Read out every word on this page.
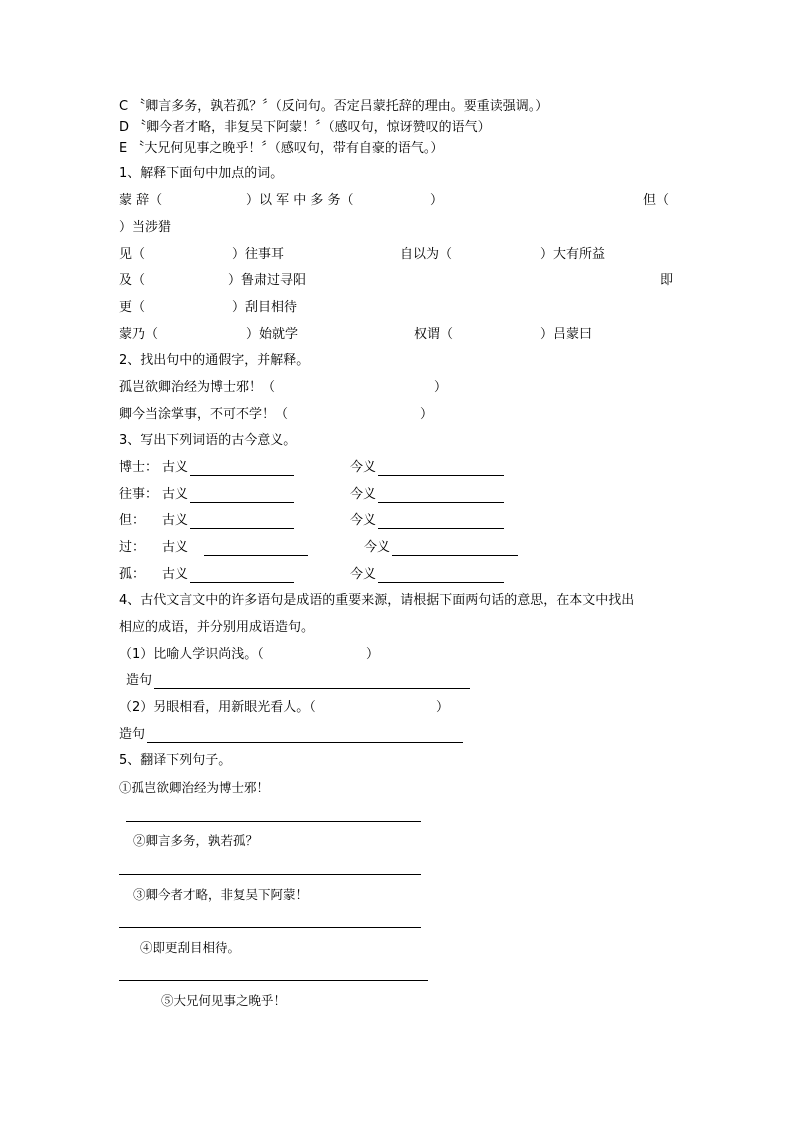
C 〝卿言多务，孰若孤？〞（反问句。否定吕蒙托辞的理由。要重读强调。）
D 〝卿今者才略，非复吴下阿蒙！〞（感叹句，惊讶赞叹的语气）
E 〝大兄何见事之晚乎！〞（感叹句，带有自豪的语气。）
1、解释下面句中加点的词。
蒙 辞（	）以 军 中 多 务（	）	但（
）当涉猎
见（	）往事耳	自以为（	）大有所益
及（	）鲁肃过寻阳	即
更（	）刮目相待
蒙乃（	）始就学	权谓（	）吕蒙曰
2、找出句中的通假字，并解释。
孤岂欲卿治经为博士邪！（	）
卿今当涂掌事，不可不学！（	）
3、写出下列词语的古今意义。
博士： 古义	今义
往事： 古义	今义
但： 古义	今义
过： 古义	今义
孤： 古义	今义
4、古代文言文中的许多语句是成语的重要来源，请根据下面两句话的意思，在本文中找出
相应的成语，并分别用成语造句。
（1）比喻人学识尚浅。（	）
造句
（2）另眼相看，用新眼光看人。（	）
造句
5、翻译下列句子。
①孤岂欲卿治经为博士邪！
②卿言多务，孰若孤？
③卿今者才略，非复吴下阿蒙！
④即更刮目相待。
⑤大兄何见事之晚乎！
